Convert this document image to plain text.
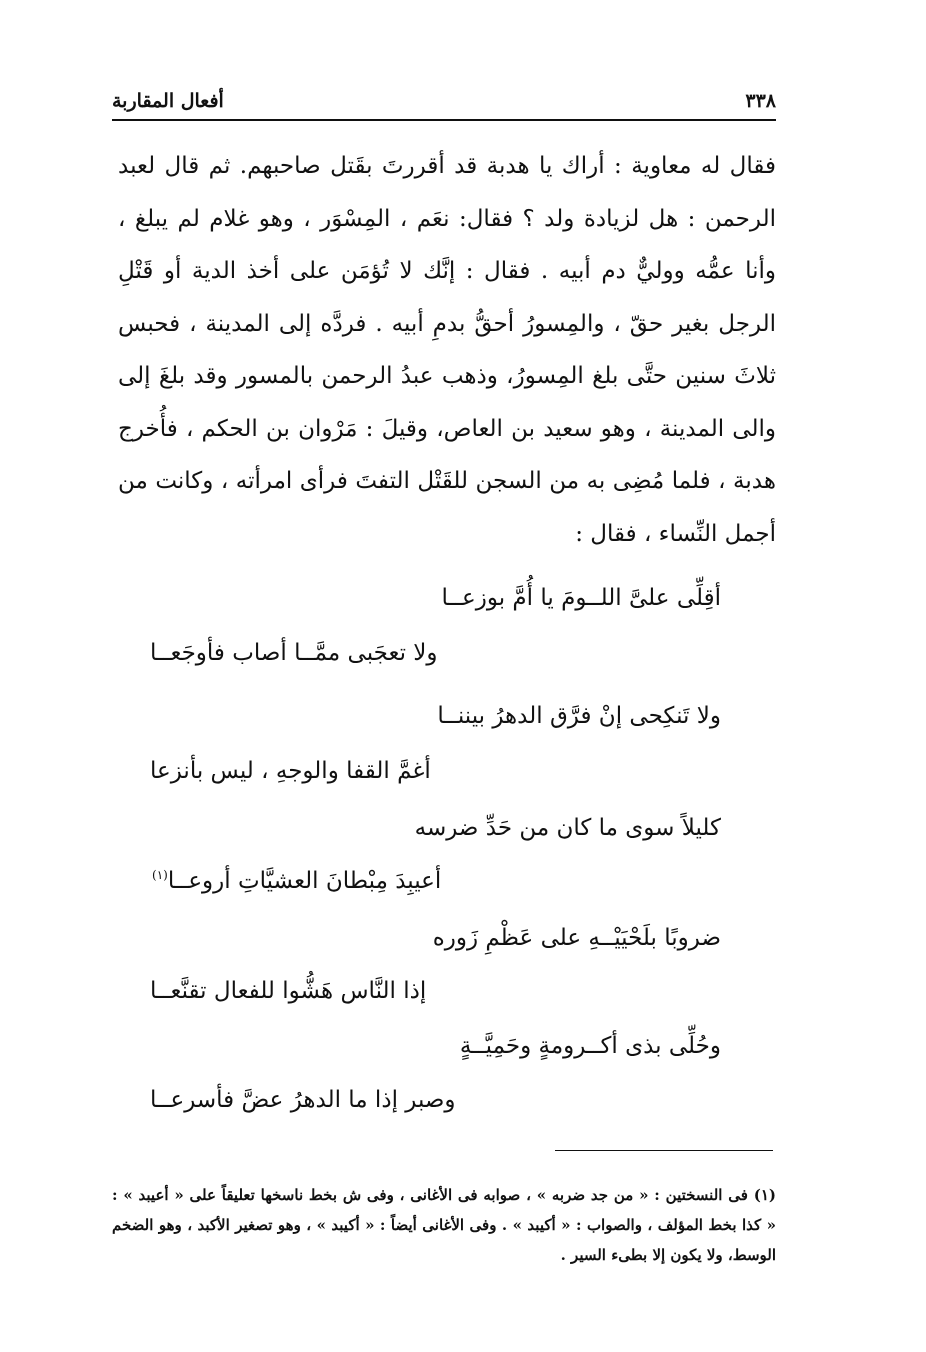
٣٣٨
أفعال المقاربة

فقال له معاوية : أراك يا هدبة قد أقررتَ بقَتل صاحبهم. ثم قال لعبد الرحمن : هل لزيادة ولد ؟ فقال: نعَم ، المِسْوَر ، وهو غلام لم يبلغ ، وأنا عمُّه ووليٌّ دم أبيه . فقال : إنَّك لا تُؤمَن على أخذ الدية أو قَتْلِ الرجل بغير حقّ ، والمِسورُ أحقُّ بدمِ أبيه . فردَّه إلى المدينة ، فحبس ثلاثَ سنين حتَّى بلغ المِسورُ، وذهب عبدُ الرحمن بالمسور وقد بلغَ إلى والى المدينة ، وهو سعيد بن العاص، وقيلَ : مَرْوان بن الحكم ، فأُخرج هدبة ، فلما مُضِى به من السجن للقَتْل التفتَ فرأى امرأته ، وكانت من أجمل النِّساء ، فقال :

أقِلِّى علىَّ اللــومَ يا أُمَّ بوزعــا
ولا تعجَبى ممَّــا أصاب فأوجَعــا
ولا تَنكِحى إنْ فرَّق الدهرُ بيننــا
أغمَّ القفا والوجهِ ، ليس بأنزعا
كليلاً سوى ما كان من حَدِّ ضرسه
أعيبِدَ مِبْطانَ العشيَّاتِ أروعــا$^{(١)}$
ضروبًا بلَحْيَيْــهِ على عَظْمِ زَوره
إذا النَّاس هَشُّوا للفعال تقنَّعــا
وحُلِّى بذى أكــرومةٍ وحَمِيَّــةٍ
وصبر إذا ما الدهرُ عضَّ فأسرعــا

(١) فى النسختين : « من جد ضربه » ، صوابه فى الأغانى ، وفى ش بخط ناسخها تعليقاً على « أعيبد » : « كذا بخط المؤلف ، والصواب : « أكيبد » . وفى الأغانى أيضاً : « أكيبد » ، وهو تصغير الأكبد ، وهو الضخم الوسط، ولا يكون إلا بطىء السير .
